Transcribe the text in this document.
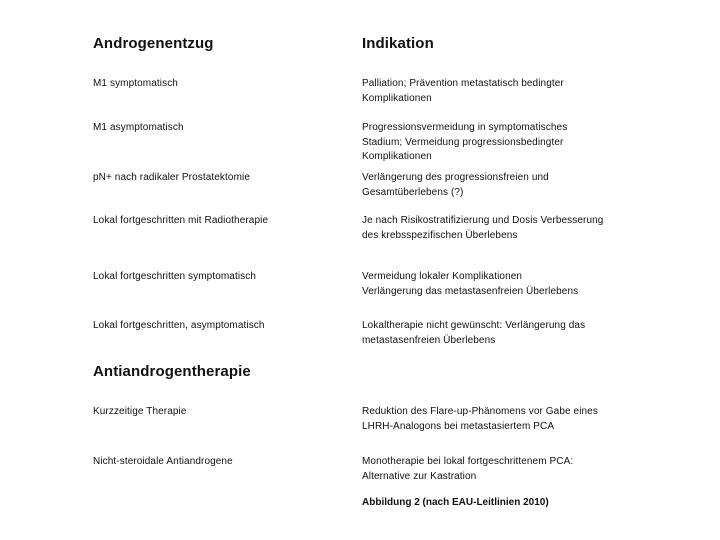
Androgenentzug	Indikation
M1 symptomatisch	Palliation; Prävention metastatisch bedingter
Komplikationen
M1 asymptomatisch	Progressionsvermeidung in symptomatisches
Stadium; Vermeidung progressionsbedingter
Komplikationen
pN+ nach radikaler Prostatektomie	Verlängerung des progressionsfreien und
Gesamtüberlebens (?)
Lokal fortgeschritten mit Radiotherapie	Je nach Risikostratifizierung und Dosis Verbesserung
des krebsspezifischen Überlebens
Lokal fortgeschritten symptomatisch	Vermeidung lokaler Komplikationen
Verlängerung das metastasenfreien Überlebens
Lokal fortgeschritten, asymptomatisch	Lokaltherapie nicht gewünscht: Verlängerung das
metastasenfreien Überlebens
Antiandrogentherapie
Kurzzeitige Therapie	Reduktion des Flare-up-Phänomens vor Gabe eines
LHRH-Analogons bei metastasiertem PCA
Nicht-steroidale Antiandrogene	Monotherapie bei lokal fortgeschrittenem PCA:
Alternative zur Kastration
Abbildung 2 (nach EAU-Leitlinien 2010)
